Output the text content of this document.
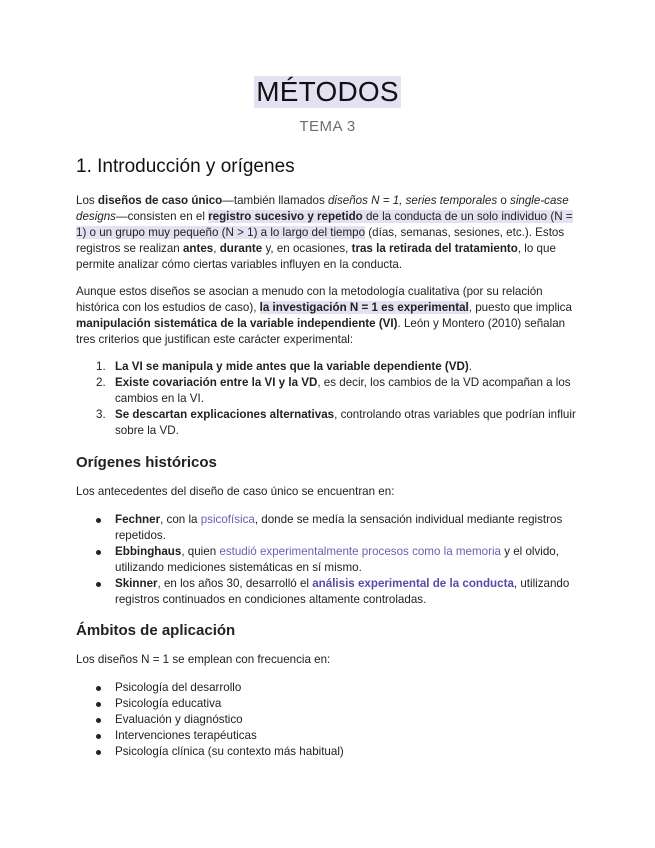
MÉTODOS
TEMA 3
1. Introducción y orígenes

Los diseños de caso único—también llamados diseños N = 1, series temporales o single-case designs—consisten en el registro sucesivo y repetido de la conducta de un solo individuo (N = 1) o un grupo muy pequeño (N > 1) a lo largo del tiempo (días, semanas, sesiones, etc.). Estos registros se realizan antes, durante y, en ocasiones, tras la retirada del tratamiento, lo que permite analizar cómo ciertas variables influyen en la conducta.

Aunque estos diseños se asocian a menudo con la metodología cualitativa (por su relación histórica con los estudios de caso), la investigación N = 1 es experimental, puesto que implica manipulación sistemática de la variable independiente (VI). León y Montero (2010) señalan tres criterios que justifican este carácter experimental:

1. La VI se manipula y mide antes que la variable dependiente (VD).
2. Existe covariación entre la VI y la VD, es decir, los cambios de la VD acompañan a los cambios en la VI.
3. Se descartan explicaciones alternativas, controlando otras variables que podrían influir sobre la VD.
Orígenes históricos

Los antecedentes del diseño de caso único se encuentran en:

Fechner, con la psicofísica, donde se medía la sensación individual mediante registros repetidos.
Ebbinghaus, quien estudió experimentalmente procesos como la memoria y el olvido, utilizando mediciones sistemáticas en sí mismo.
Skinner, en los años 30, desarrolló el análisis experimental de la conducta, utilizando registros continuados en condiciones altamente controladas.
Ámbitos de aplicación

Los diseños N = 1 se emplean con frecuencia en:

Psicología del desarrollo
Psicología educativa
Evaluación y diagnóstico
Intervenciones terapéuticas
Psicología clínica (su contexto más habitual)
